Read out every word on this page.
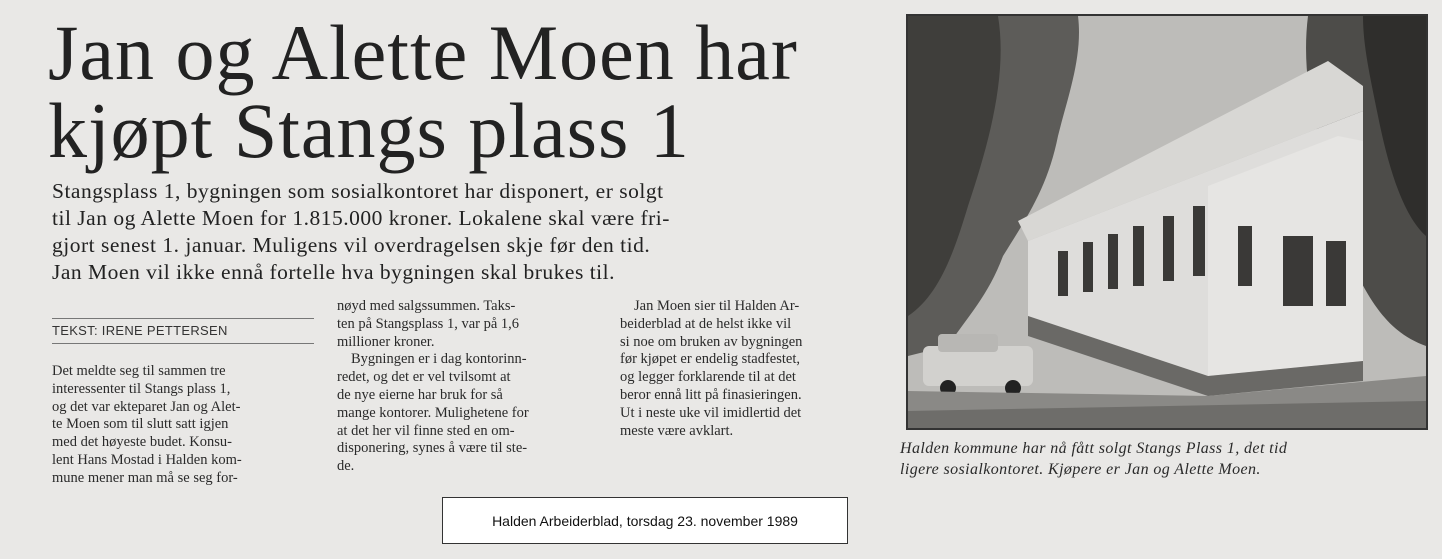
Jan og Alette Moen har
kjøpt Stangs plass 1

Stangsplass 1, bygningen som sosialkontoret har disponert, er solgt
til Jan og Alette Moen for 1.815.000 kroner. Lokalene skal være fri-
gjort senest 1. januar. Muligens vil overdragelsen skje før den tid.
Jan Moen vil ikke ennå fortelle hva bygningen skal brukes til.

TEKST: IRENE PETTERSEN

Det meldte seg til sammen tre
interessenter til Stangs plass 1,
og det var ekteparet Jan og Alet-
te Moen som til slutt satt igjen
med det høyeste budet. Konsu-
lent Hans Mostad i Halden kom-
mune mener man må se seg for-

nøyd med salgssummen. Taks-
ten på Stangsplass 1, var på 1,6
millioner kroner.
Bygningen er i dag kontorinn-
redet, og det er vel tvilsomt at
de nye eierne har bruk for så
mange kontorer. Mulighetene for
at det her vil finne sted en om-
disponering, synes å være til ste-
de.

Jan Moen sier til Halden Ar-
beiderblad at de helst ikke vil
si noe om bruken av bygningen
før kjøpet er endelig stadfestet,
og legger forklarende til at det
beror ennå litt på finasieringen.
Ut i neste uke vil imidlertid det
meste være avklart.

Halden kommune har nå fått solgt Stangs Plass 1, det tid
ligere sosialkontoret. Kjøpere er Jan og Alette Moen.

Halden Arbeiderblad, torsdag 23. november 1989
